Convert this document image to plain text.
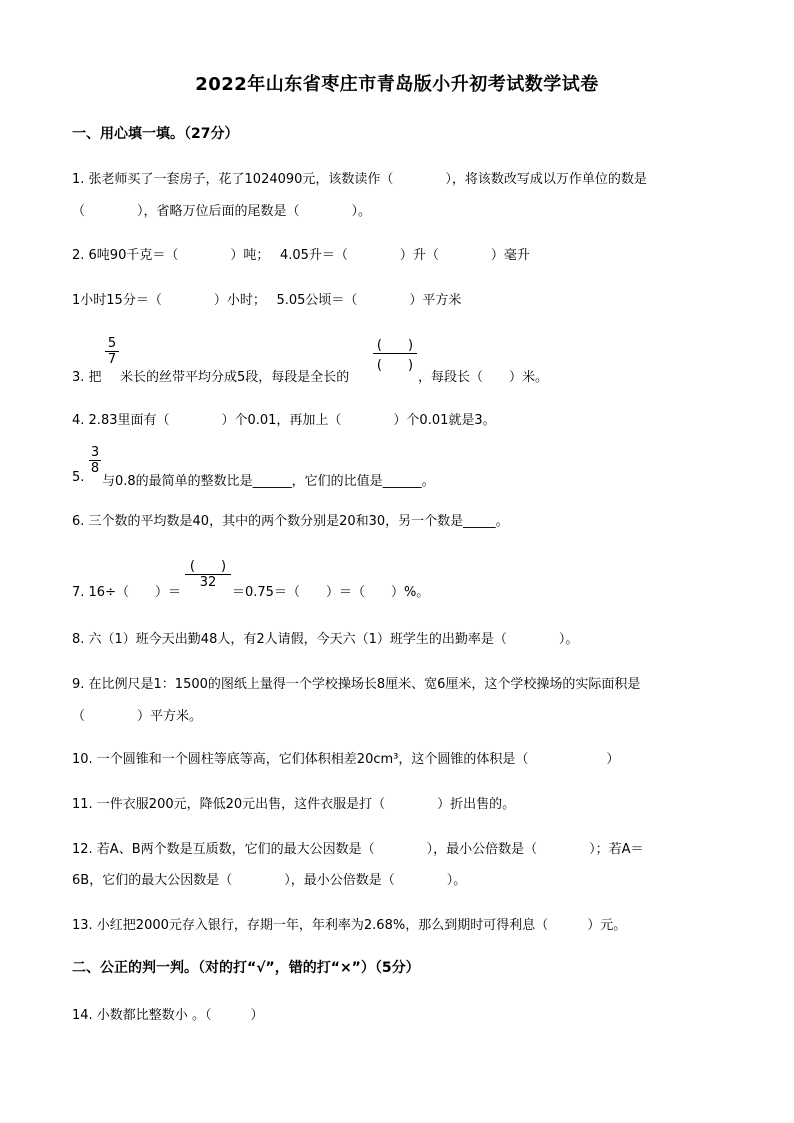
2022年山东省枣庄市青岛版小升初考试数学试卷
一、用心填一填。（27分）
1. 张老师买了一套房子，花了1024090元，该数读作（　　　　），将该数改写成以万作单位的数是
（　　　　），省略万位后面的尾数是（　　　　）。
2. 6吨90千克＝（　　　　）吨；　 4.05升＝（　　　　）升（　　　　）毫升
1小时15分＝（　　　　）小时；　 5.05公顷＝（　　　　）平方米
3. 把
$\frac{5}{7}$
米长的丝带平均分成5段，每段是全长的
(　　)
(　　)
，每段长（　　）米。
4. 2.83里面有（　　　　）个0.01，再加上（　　　　）个0.01就是3。
5.
$\frac{3}{8}$
与0.8的最简单的整数比是______，它们的比值是______。
6. 三个数的平均数是40，其中的两个数分别是20和30，另一个数是_____。
7. 16÷（　　）＝
(　　)
32
＝0.75＝（　　）＝（　　）%。
8. 六（1）班今天出勤48人，有2人请假，今天六（1）班学生的出勤率是（　　　　）。
9. 在比例尺是1：1500的图纸上量得一个学校操场长8厘米、宽6厘米，这个学校操场的实际面积是
（　　　　）平方米。
10. 一个圆锥和一个圆柱等底等高，它们体积相差20cm³，这个圆锥的体积是（　　　　　　）
11. 一件衣服200元，降低20元出售，这件衣服是打（　　　　）折出售的。
12. 若A、B两个数是互质数，它们的最大公因数是（　　　　），最小公倍数是（　　　　）；若A＝
6B，它们的最大公因数是（　　　　），最小公倍数是（　　　　）。
13. 小红把2000元存入银行，存期一年，年利率为2.68%，那么到期时可得利息（　　　）元。
二、公正的判一判。（对的打“√”，错的打“×”）（5分）
14. 小数都比整数小 。（　　　）
